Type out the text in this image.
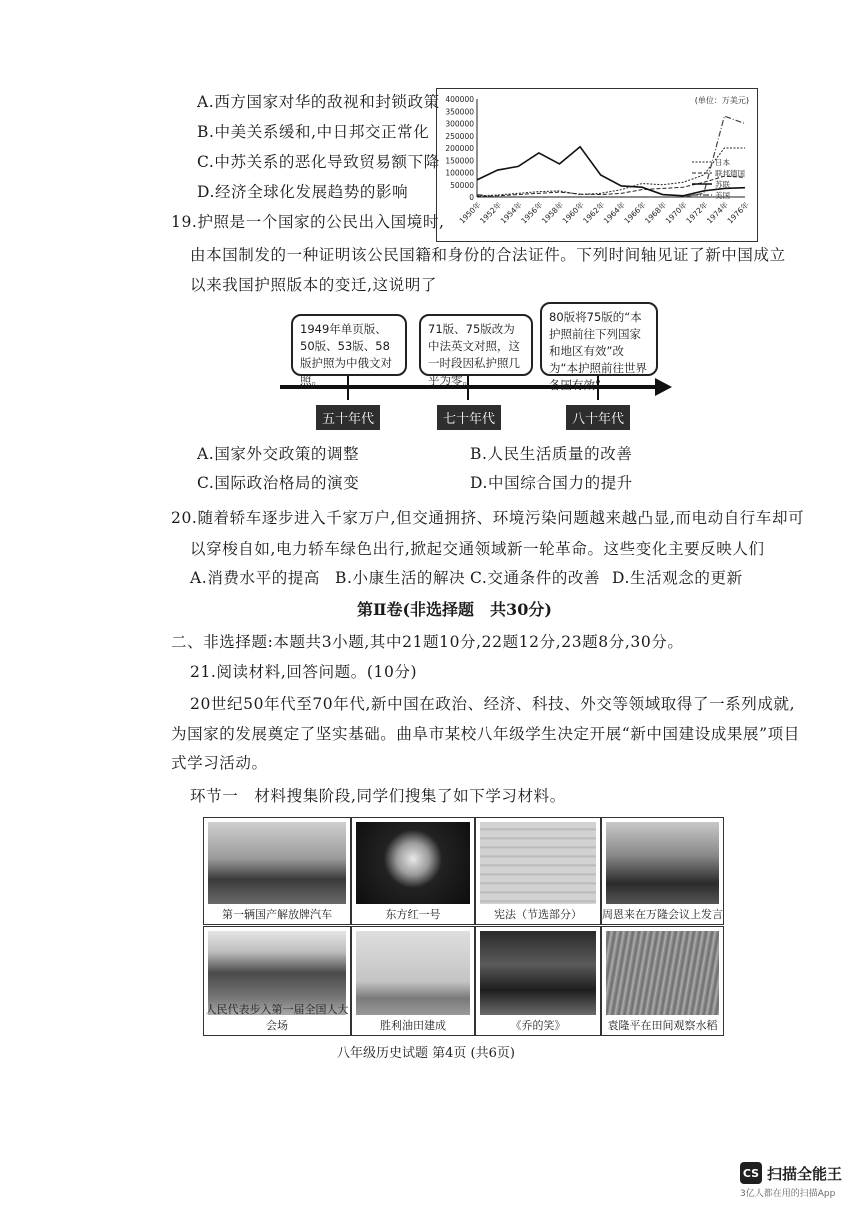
A.西方国家对华的敌视和封锁政策
B.中美关系缓和,中日邦交正常化
C.中苏关系的恶化导致贸易额下降
D.经济全球化发展趋势的影响
400000
350000
300000
250000
200000
150000
100000
50000
0
1950年
1952年
1954年
1956年
1958年
1960年
1962年
1964年
1966年
1968年
1970年
1972年
1974年
1976年
(单位：万美元)
日本
联邦德国
苏联
美国
19.护照是一个国家的公民出入国境时,
由本国制发的一种证明该公民国籍和身份的合法证件。下列时间轴见证了新中国成立
以来我国护照版本的变迁,这说明了
1949年单页版、50版、53版、58版护照为中俄文对照。
71版、75版改为中法英文对照，这一时段因私护照几乎为零。
80版将75版的“本护照前往下列国家和地区有效”改为“本护照前往世界各国有效”
五十年代	七十年代	八十年代
A.国家外交政策的调整	B.人民生活质量的改善
C.国际政治格局的演变	D.中国综合国力的提升
20.随着轿车逐步进入千家万户,但交通拥挤、环境污染问题越来越凸显,而电动自行车却可
以穿梭自如,电力轿车绿色出行,掀起交通领域新一轮革命。这些变化主要反映人们
A.消费水平的提高 B.小康生活的解决 C.交通条件的改善 D.生活观念的更新
第Ⅱ卷(非选择题　共30分)
二、非选择题:本题共3小题,其中21题10分,22题12分,23题8分,30分。
21.阅读材料,回答问题。(10分)
20世纪50年代至70年代,新中国在政治、经济、科技、外交等领域取得了一系列成就,
为国家的发展奠定了坚实基础。曲阜市某校八年级学生决定开展“新中国建设成果展”项目
式学习活动。
环节一　材料搜集阶段,同学们搜集了如下学习材料。
第一辆国产解放牌汽车	东方红一号	宪法（节选部分）	周恩来在万隆会议上发言
人民代表步入第一届全国人大会场	胜利油田建成	《乔的笑》	袁隆平在田间观察水稻
八年级历史试题 第4页 (共6页)
CS 扫描全能王
3亿人都在用的扫描App
